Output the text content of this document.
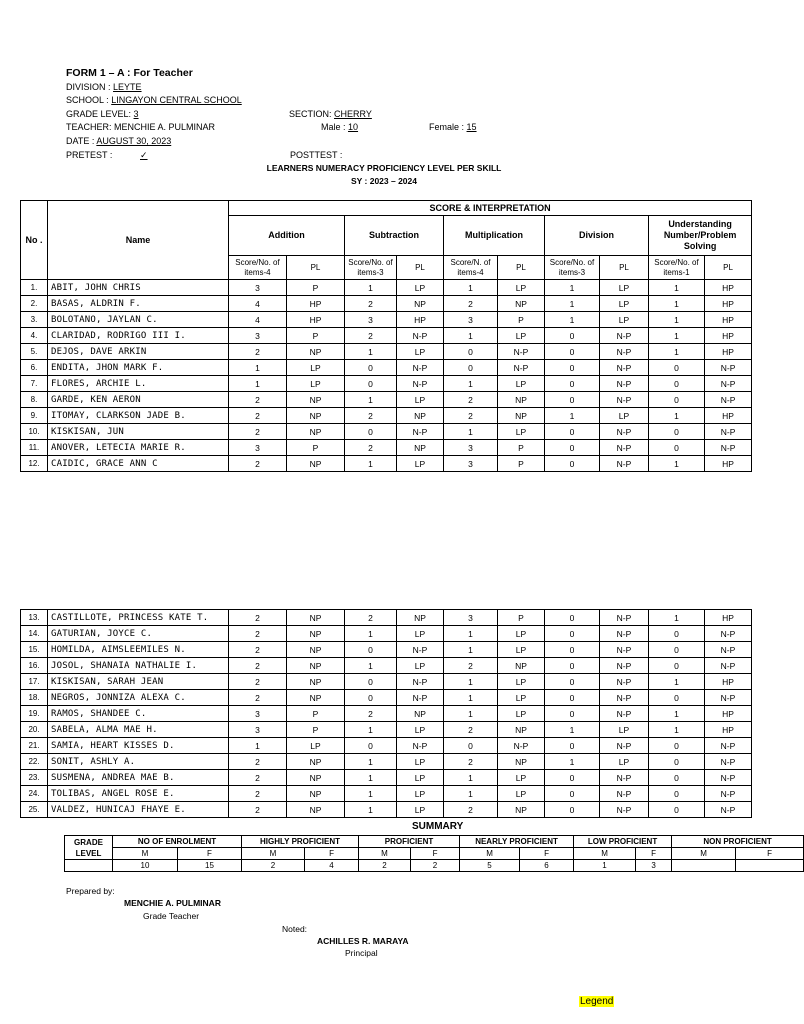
FORM 1 – A : For Teacher
DIVISION : LEYTE
SCHOOL : LINGAYON CENTRAL SCHOOL
GRADE LEVEL: 3	SECTION: CHERRY
TEACHER: MENCHIE A. PULMINAR	Male : 10	Female : 15
DATE : AUGUST 30, 2023
PRETEST :	✓	POSTTEST :
LEARNERS NUMERACY PROFICIENCY LEVEL PER SKILL
SY : 2023 – 2024
No .	Name	SCORE & INTERPRETATION									
		Addition		Subtraction		Multiplication		Division		Understanding Number/Problem Solving	
		Score/No. of items-4	PL	Score/No. of items-3	PL	Score/N. of items-4	PL	Score/No. of items-3	PL	Score/No. of items-1	PL
1.	ABIT, JOHN CHRIS	3	P	1	LP	1	LP	1	LP	1	HP
2.	BASAS, ALDRIN F.	4	HP	2	NP	2	NP	1	LP	1	HP
3.	BOLOTANO, JAYLAN C.	4	HP	3	HP	3	P	1	LP	1	HP
4.	CLARIDAD, RODRIGO III I.	3	P	2	N-P	1	LP	0	N-P	1	HP
5.	DEJOS, DAVE ARKIN	2	NP	1	LP	0	N-P	0	N-P	1	HP
6.	ENDITA, JHON MARK F.	1	LP	0	N-P	0	N-P	0	N-P	0	N-P
7.	FLORES, ARCHIE L.	1	LP	0	N-P	1	LP	0	N-P	0	N-P
8.	GARDE, KEN AERON	2	NP	1	LP	2	NP	0	N-P	0	N-P
9.	ITOMAY, CLARKSON JADE B.	2	NP	2	NP	2	NP	1	LP	1	HP
10.	KISKISAN, JUN	2	NP	0	N-P	1	LP	0	N-P	0	N-P
11.	ANOVER, LETECIA MARIE R.	3	P	2	NP	3	P	0	N-P	0	N-P
12.	CAIDIC, GRACE ANN C	2	NP	1	LP	3	P	0	N-P	1	HP
13.	CASTILLOTE, PRINCESS KATE T.	2	NP	2	NP	3	P	0	N-P	1	HP
14.	GATURIAN, JOYCE C.	2	NP	1	LP	1	LP	0	N-P	0	N-P
15.	HOMILDA, AIMSLEEMILES N.	2	NP	0	N-P	1	LP	0	N-P	0	N-P
16.	JOSOL, SHANAIA NATHALIE I.	2	NP	1	LP	2	NP	0	N-P	0	N-P
17.	KISKISAN, SARAH JEAN	2	NP	0	N-P	1	LP	0	N-P	1	HP
18.	NEGROS, JONNIZA ALEXA C.	2	NP	0	N-P	1	LP	0	N-P	0	N-P
19.	RAMOS, SHANDEE C.	3	P	2	NP	1	LP	0	N-P	1	HP
20.	SABELA, ALMA MAE H.	3	P	1	LP	2	NP	1	LP	1	HP
21.	SAMIA, HEART KISSES D.	1	LP	0	N-P	0	N-P	0	N-P	0	N-P
22.	SONIT, ASHLY A.	2	NP	1	LP	2	NP	1	LP	0	N-P
23.	SUSMENA, ANDREA MAE B.	2	NP	1	LP	1	LP	0	N-P	0	N-P
24.	TOLIBAS, ANGEL ROSE E.	2	NP	1	LP	1	LP	0	N-P	0	N-P
25.	VALDEZ, HUNICAJ FHAYE E.	2	NP	1	LP	2	NP	0	N-P	0	N-P
SUMMARY
GRADE LEVEL	NO OF ENROLMENT		HIGHLY PROFICIENT		PROFICIENT		NEARLY PROFICIENT		LOW PROFICIENT		NON PROFICIENT	
	M	F	M	F	M	F	M	F	M	F	M	F
	10	15	2	4	2	2	5	6	1	3		
Prepared by:
MENCHIE A. PULMINAR
Grade Teacher
Noted:
ACHILLES R. MARAYA
Principal
Legend
